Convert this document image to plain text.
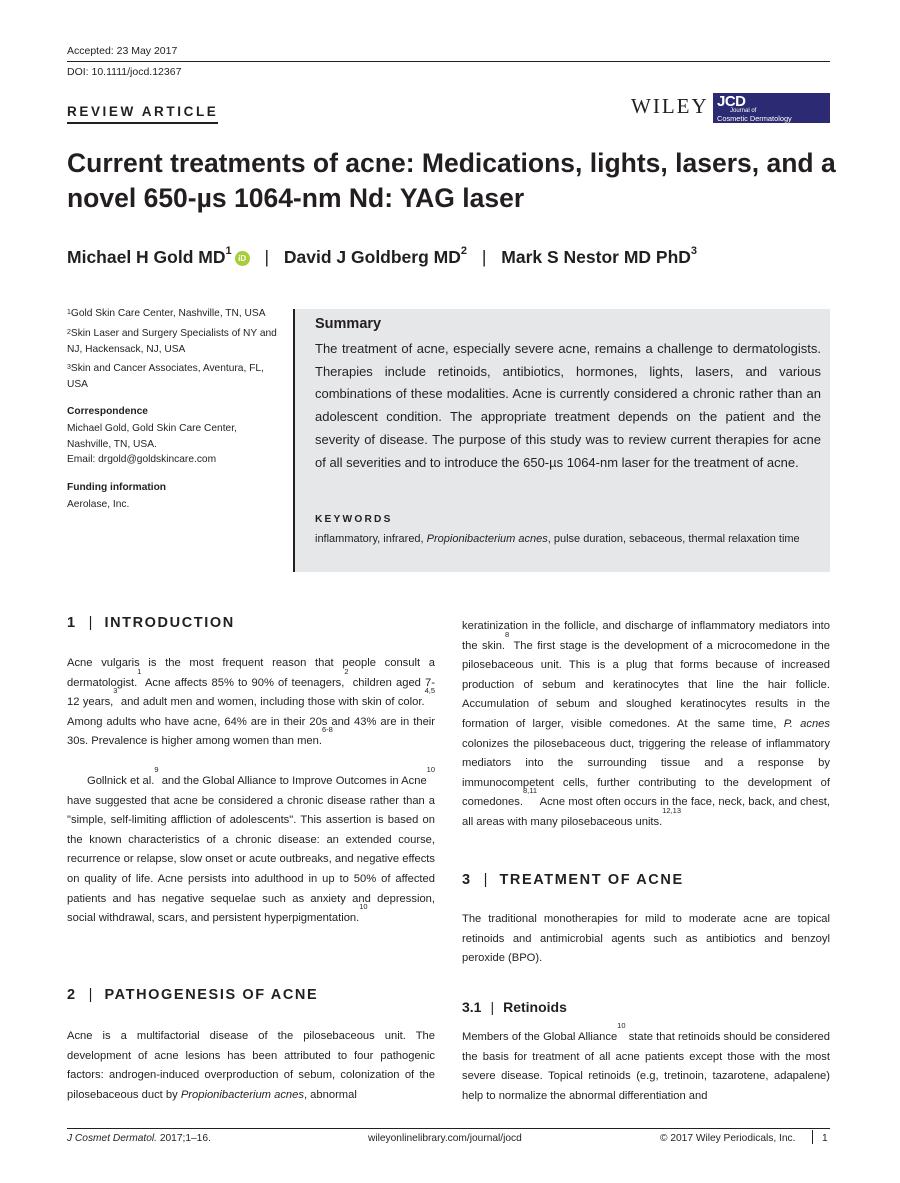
Accepted: 23 May 2017
DOI: 10.1111/jocd.12367
REVIEW ARTICLE	WILEY JCD
Journal of
Cosmetic Dermatology
Current treatments of acne: Medications, lights, lasers, and a
novel 650-µs 1064-nm Nd: YAG laser
Michael H Gold $MD^1iD$ | David J Goldberg $MD^2$ | Mark S Nestor MD PhD$^3$
$^1$Gold Skin Care Center, Nashville, TN, USA
$^2$Skin Laser and Surgery Specialists of NY and NJ, Hackensack, NJ, USA
$^3$Skin and Cancer Associates, Aventura, FL, USA
Correspondence
Michael Gold, Gold Skin Care Center,
Nashville, TN, USA.
Email: drgold@goldskincare.com
Funding information
Aerolase, Inc.
Summary
The treatment of acne, especially severe acne, remains a challenge to dermatologists. Therapies include retinoids, antibiotics, hormones, lights, lasers, and various combinations of these modalities. Acne is currently considered a chronic rather than an adolescent condition. The appropriate treatment depends on the patient and the severity of disease. The purpose of this study was to review current therapies for acne of all severities and to introduce the 650-µs 1064-nm laser for the treatment of acne.
KEYWORDS
inflammatory, infrared, Propionibacterium acnes, pulse duration, sebaceous, thermal relaxation time
1 | INTRODUCTION
Acne vulgaris is the most frequent reason that people consult a dermatologist.$^1$ Acne affects 85% to 90% of teenagers,$^2$ children aged 7-12 years,$^3$ and adult men and women, including those with skin of color.$^{4,5}$ Among adults who have acne, 64% are in their 20s and 43% are in their 30s. Prevalence is higher among women than men.$^{6-8}$
Gollnick et al.$^9$ and the Global Alliance to Improve Outcomes in Acne$^{10}$ have suggested that acne be considered a chronic disease rather than a "simple, self-limiting affliction of adolescents". This assertion is based on the known characteristics of a chronic disease: an extended course, recurrence or relapse, slow onset or acute outbreaks, and negative effects on quality of life. Acne persists into adulthood in up to 50% of affected patients and has negative sequelae such as anxiety and depression, social withdrawal, scars, and persistent hyperpigmentation.$^{10}$
2 | PATHOGENESIS OF ACNE
Acne is a multifactorial disease of the pilosebaceous unit. The development of acne lesions has been attributed to four pathogenic factors: androgen-induced overproduction of sebum, colonization of the pilosebaceous duct by Propionibacterium acnes, abnormal
keratinization in the follicle, and discharge of inflammatory mediators into the skin.$^8$ The first stage is the development of a microcomedone in the pilosebaceous unit. This is a plug that forms because of increased production of sebum and keratinocytes that line the hair follicle. Accumulation of sebum and sloughed keratinocytes results in the formation of larger, visible comedones. At the same time, P. acnes colonizes the pilosebaceous duct, triggering the release of inflammatory mediators into the surrounding tissue and a response by immunocompetent cells, further contributing to the development of comedones.$^{8,11}$ Acne most often occurs in the face, neck, back, and chest, all areas with many pilosebaceous units.$^{12,13}$
3 | TREATMENT OF ACNE
The traditional monotherapies for mild to moderate acne are topical retinoids and antimicrobial agents such as antibiotics and benzoyl peroxide (BPO).
3.1 | Retinoids
Members of the Global Alliance$^{10}$ state that retinoids should be considered the basis for treatment of all acne patients except those with the most severe disease. Topical retinoids (e.g, tretinoin, tazarotene, adapalene) help to normalize the abnormal differentiation and
J Cosmet Dermatol. 2017;1–16.	wileyonlinelibrary.com/journal/jocd	© 2017 Wiley Periodicals, Inc.	1
